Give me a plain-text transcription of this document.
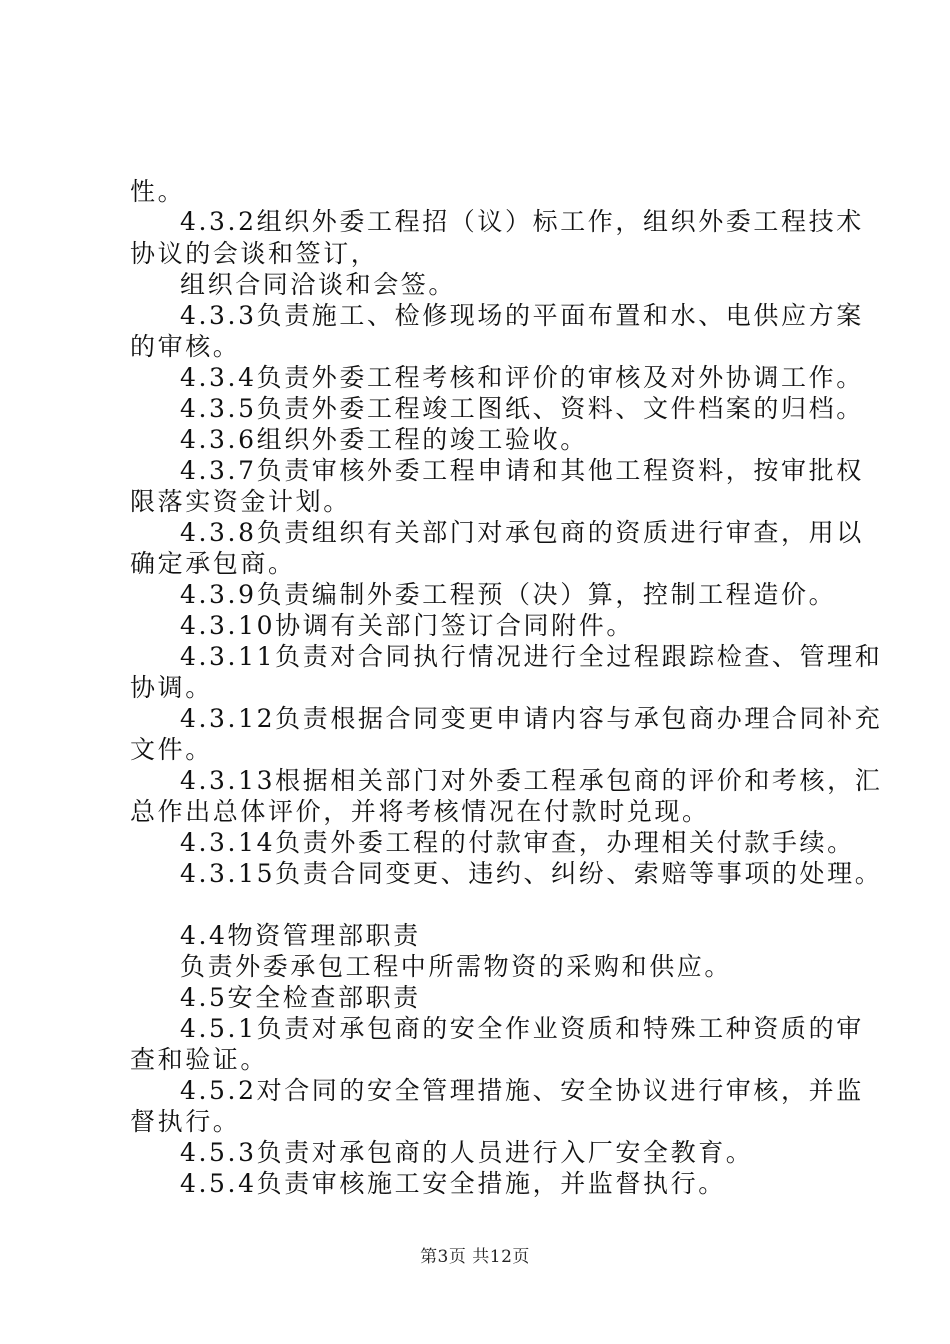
性。
4.3.2组织外委工程招（议）标工作，组织外委工程技术
协议的会谈和签订，
组织合同洽谈和会签。
4.3.3负责施工、检修现场的平面布置和水、电供应方案
的审核。
4.3.4负责外委工程考核和评价的审核及对外协调工作。
4.3.5负责外委工程竣工图纸、资料、文件档案的归档。
4.3.6组织外委工程的竣工验收。
4.3.7负责审核外委工程申请和其他工程资料，按审批权
限落实资金计划。
4.3.8负责组织有关部门对承包商的资质进行审查，用以
确定承包商。
4.3.9负责编制外委工程预（决）算，控制工程造价。
4.3.10协调有关部门签订合同附件。
4.3.11负责对合同执行情况进行全过程跟踪检查、管理和
协调。
4.3.12负责根据合同变更申请内容与承包商办理合同补充
文件。
4.3.13根据相关部门对外委工程承包商的评价和考核，汇
总作出总体评价，并将考核情况在付款时兑现。
4.3.14负责外委工程的付款审查，办理相关付款手续。
4.3.15负责合同变更、违约、纠纷、索赔等事项的处理。
4.4物资管理部职责
负责外委承包工程中所需物资的采购和供应。
4.5安全检查部职责
4.5.1负责对承包商的安全作业资质和特殊工种资质的审
查和验证。
4.5.2对合同的安全管理措施、安全协议进行审核，并监
督执行。
4.5.3负责对承包商的人员进行入厂安全教育。
4.5.4负责审核施工安全措施，并监督执行。
第3页 共12页
